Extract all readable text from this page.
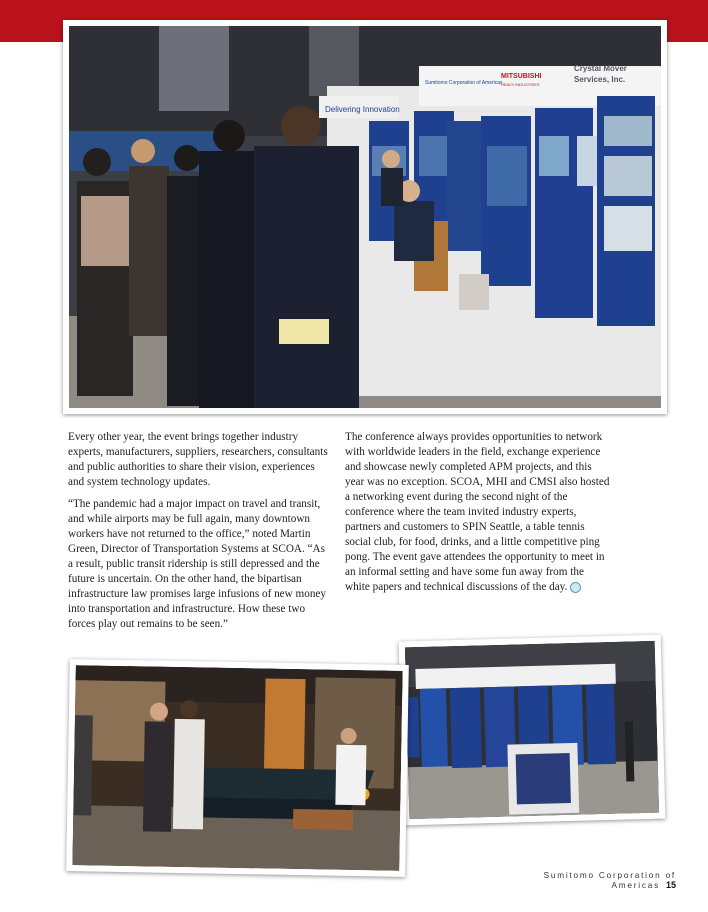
Delivering Innovation
Sumitomo Corporation of Americas
MITSUBISHI
HEAVY INDUSTRIES
Crystal Mover
Services, Inc.

Every other year, the event brings together industry experts, manufacturers, suppliers, researchers, consultants and public authorities to share their vision, experiences and system technology updates.

“The pandemic had a major impact on travel and transit, and while airports may be full again, many downtown workers have not returned to the office,” noted Martin Green, Director of Transportation Systems at SCOA. “As a result, public transit ridership is still depressed and the future is uncertain. On the other hand, the bipartisan infrastructure law promises large infusions of new money into transportation and infrastructure. How these two forces play out remains to be seen.”

The conference always provides opportunities to network with worldwide leaders in the field, exchange experience and showcase newly completed APM projects, and this year was no exception. SCOA, MHI and CMSI also hosted a networking event during the second night of the conference where the team invited industry experts, partners and customers to SPIN Seattle, a table tennis social club, for food, drinks, and a little competitive ping pong. The event gave attendees the opportunity to meet in an informal setting and have some fun away from the white papers and technical discussions of the day.

Sumitomo Corporation of Americas 15
